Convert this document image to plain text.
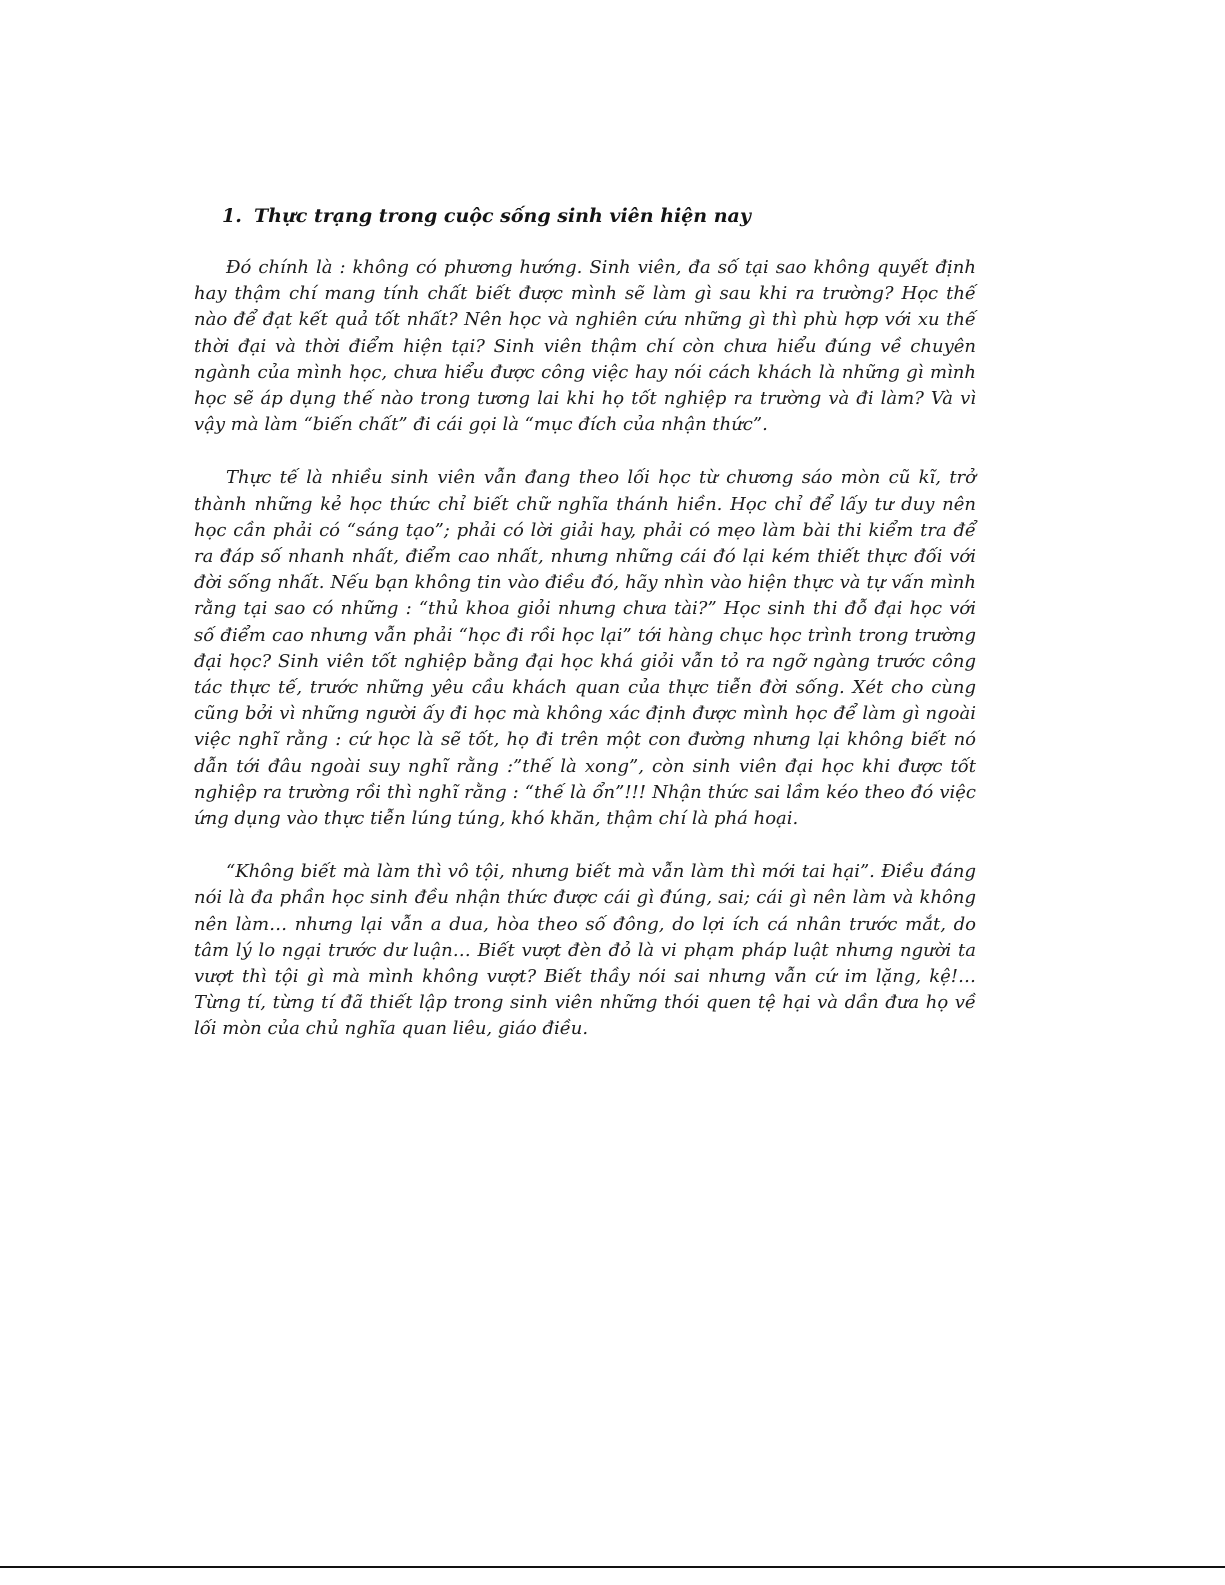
1. Thực trạng trong cuộc sống sinh viên hiện nay

Đó chính là : không có phương hướng. Sinh viên, đa số tại sao không quyết định hay thậm chí mang tính chất biết được mình sẽ làm gì sau khi ra trường? Học thế nào để đạt kết quả tốt nhất? Nên học và nghiên cứu những gì thì phù hợp với xu thế thời đại và thời điểm hiện tại? Sinh viên thậm chí còn chưa hiểu đúng về chuyên ngành của mình học, chưa hiểu được công việc hay nói cách khách là những gì mình học sẽ áp dụng thế nào trong tương lai khi họ tốt nghiệp ra trường và đi làm? Và vì vậy mà làm “biến chất” đi cái gọi là “mục đích của nhận thức”.

Thực tế là nhiều sinh viên vẫn đang theo lối học từ chương sáo mòn cũ kĩ, trở thành những kẻ học thức chỉ biết chữ nghĩa thánh hiền. Học chỉ để lấy tư duy nên học cần phải có “sáng tạo”; phải có lời giải hay, phải có mẹo làm bài thi kiểm tra để ra đáp số nhanh nhất, điểm cao nhất, nhưng những cái đó lại kém thiết thực đối với đời sống nhất. Nếu bạn không tin vào điều đó, hãy nhìn vào hiện thực và tự vấn mình rằng tại sao có những : “thủ khoa giỏi nhưng chưa tài?” Học sinh thi đỗ đại học với số điểm cao nhưng vẫn phải “học đi rồi học lại” tới hàng chục học trình trong trường đại học? Sinh viên tốt nghiệp bằng đại học khá giỏi vẫn tỏ ra ngỡ ngàng trước công tác thực tế, trước những yêu cầu khách quan của thực tiễn đời sống. Xét cho cùng cũng bởi vì những người ấy đi học mà không xác định được mình học để làm gì ngoài việc nghĩ rằng : cứ học là sẽ tốt, họ đi trên một con đường nhưng lại không biết nó dẫn tới đâu ngoài suy nghĩ rằng :”thế là xong”, còn sinh viên đại học khi được tốt nghiệp ra trường rồi thì nghĩ rằng : “thế là ổn”!!! Nhận thức sai lầm kéo theo đó việc ứng dụng vào thực tiễn lúng túng, khó khăn, thậm chí là phá hoại.

“Không biết mà làm thì vô tội, nhưng biết mà vẫn làm thì mới tai hại”. Điều đáng nói là đa phần học sinh đều nhận thức được cái gì đúng, sai; cái gì nên làm và không nên làm… nhưng lại vẫn a dua, hòa theo số đông, do lợi ích cá nhân trước mắt, do tâm lý lo ngại trước dư luận… Biết vượt đèn đỏ là vi phạm pháp luật nhưng người ta vượt thì tội gì mà mình không vượt? Biết thầy nói sai nhưng vẫn cứ im lặng, kệ!…Từng tí, từng tí đã thiết lập trong sinh viên những thói quen tệ hại và dần đưa họ về lối mòn của chủ nghĩa quan liêu, giáo điều.
